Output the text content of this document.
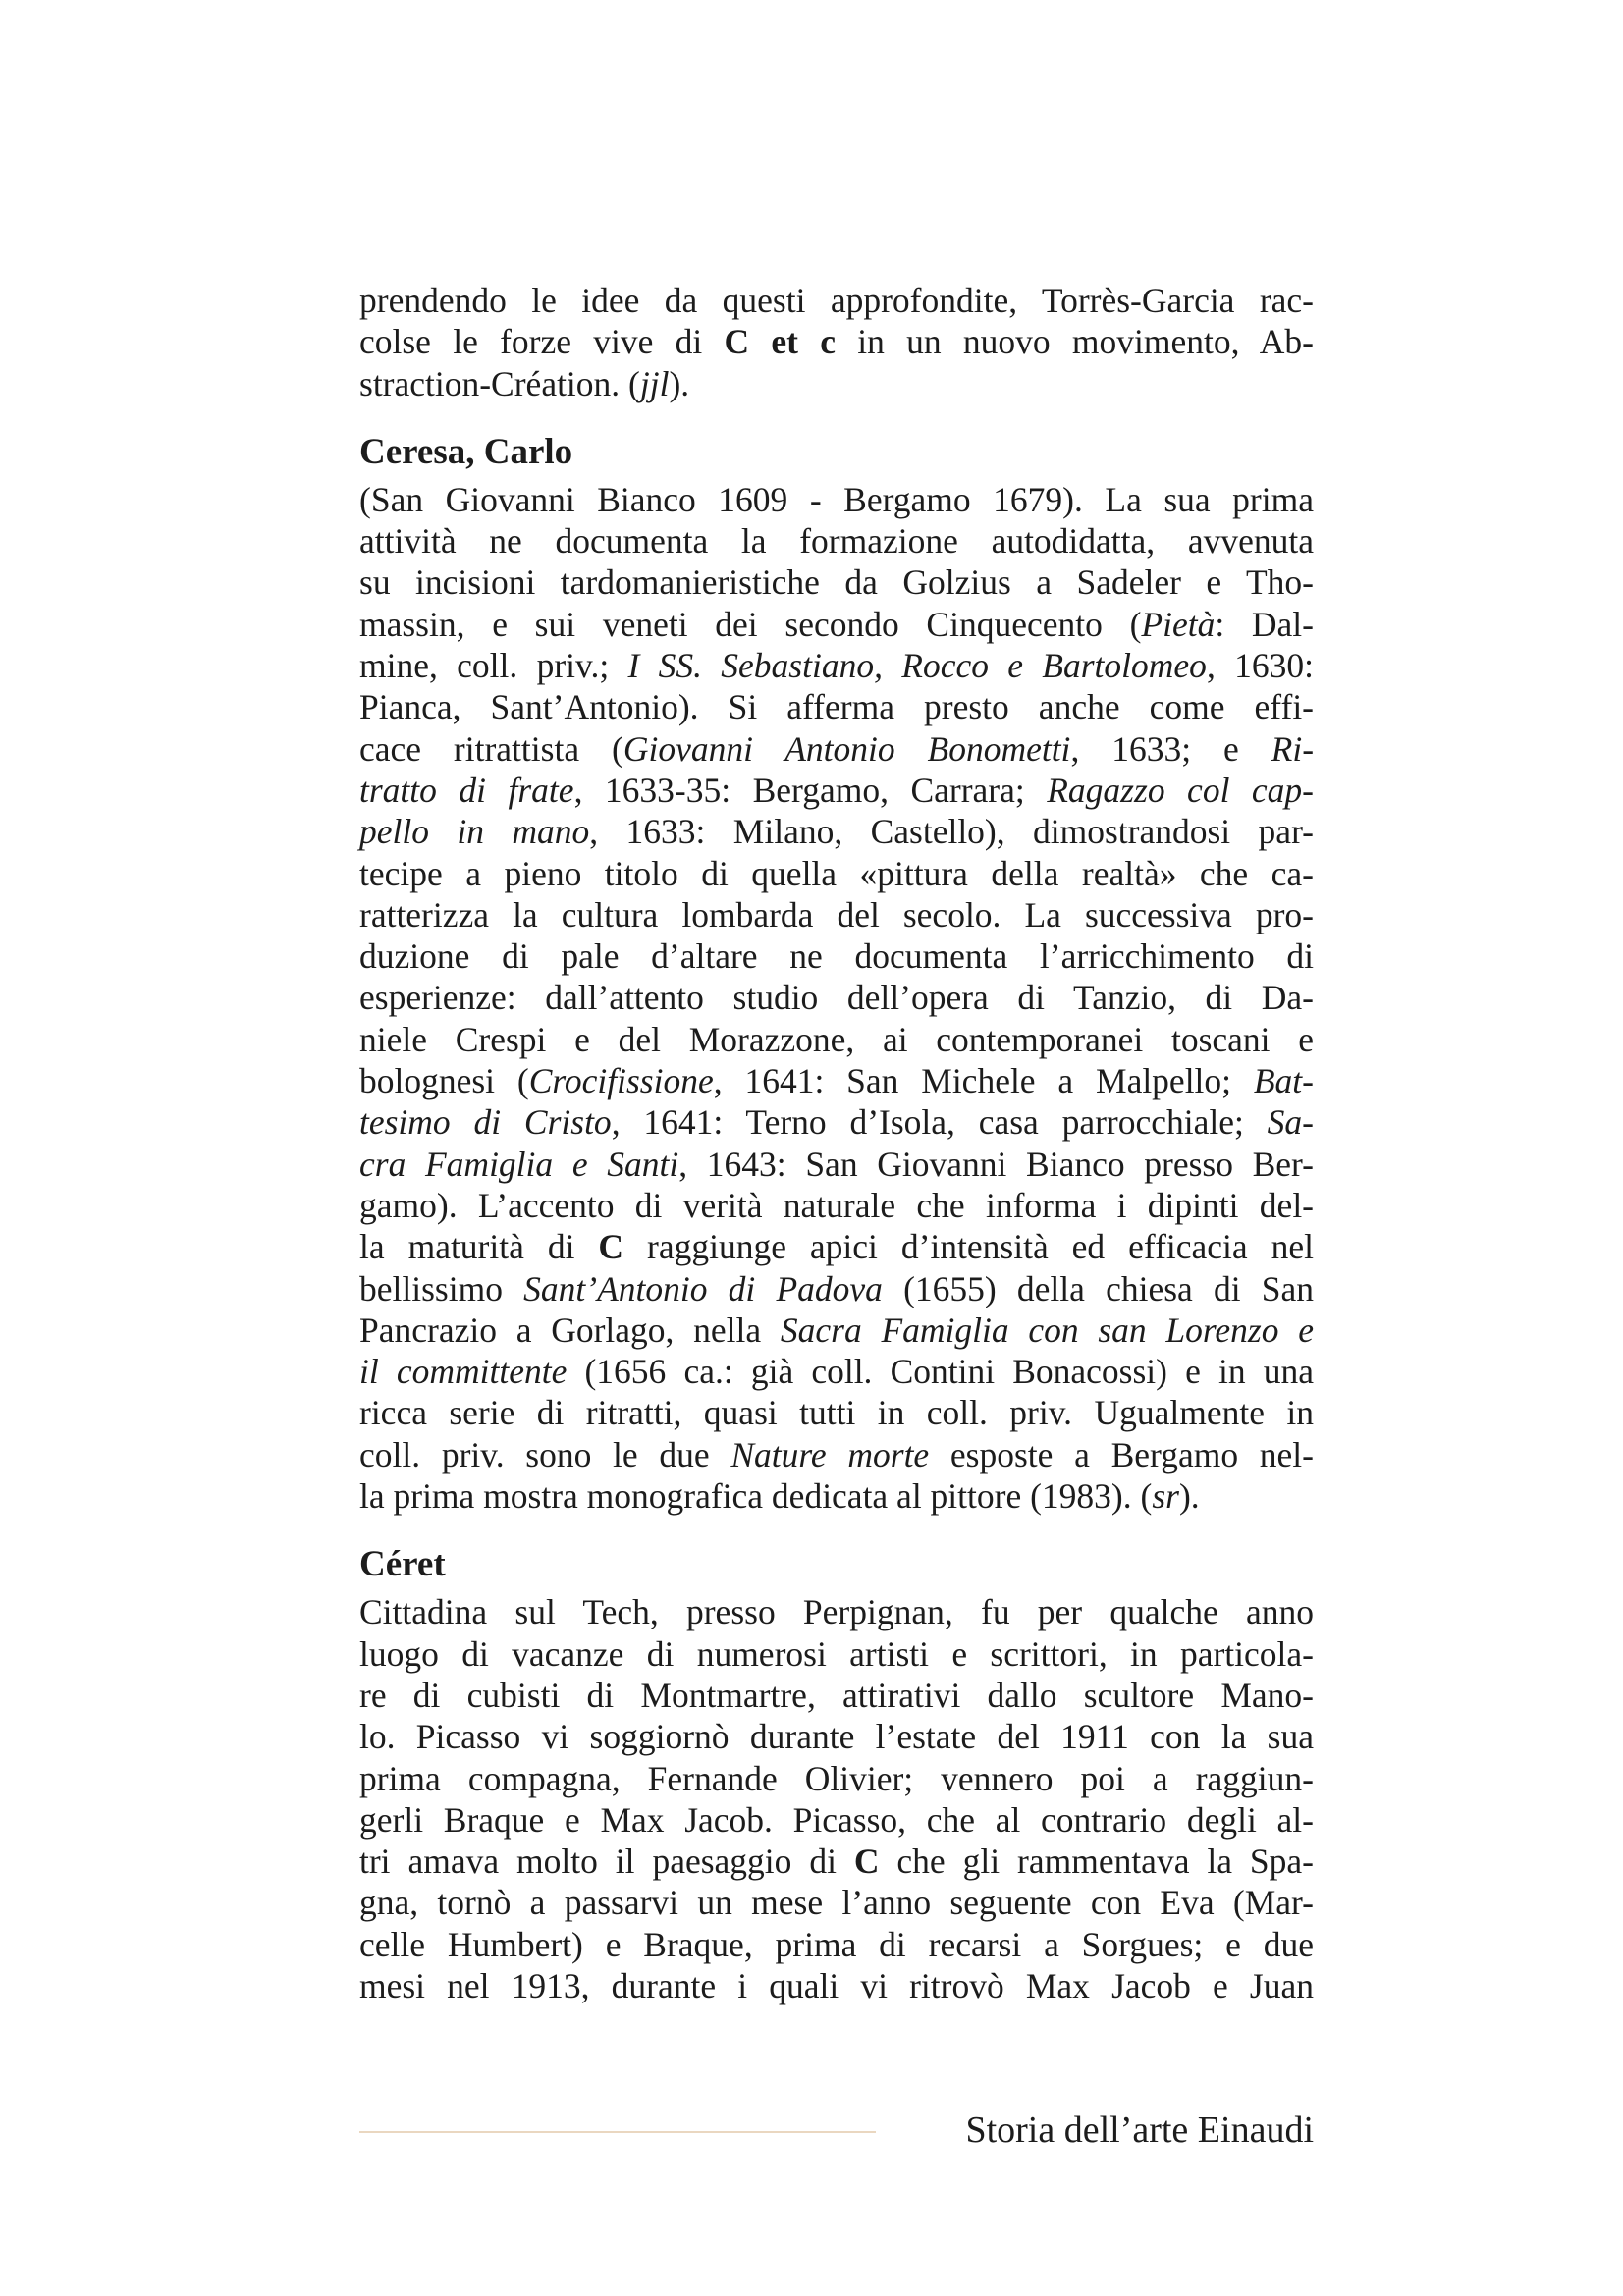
prendendo le idee da questi approfondite, Torrès-Garcia rac-
colse le forze vive di C et c in un nuovo movimento, Ab-
straction-Création. (jjl).
Ceresa, Carlo
(San Giovanni Bianco 1609 - Bergamo 1679). La sua prima
attività ne documenta la formazione autodidatta, avvenuta
su incisioni tardomanieristiche da Golzius a Sadeler e Tho-
massin, e sui veneti dei secondo Cinquecento (Pietà: Dal-
mine, coll. priv.; I SS. Sebastiano, Rocco e Bartolomeo, 1630:
Pianca, Sant’Antonio). Si afferma presto anche come effi-
cace ritrattista (Giovanni Antonio Bonometti, 1633; e Ri-
tratto di frate, 1633-35: Bergamo, Carrara; Ragazzo col cap-
pello in mano, 1633: Milano, Castello), dimostrandosi par-
tecipe a pieno titolo di quella «pittura della realtà» che ca-
ratterizza la cultura lombarda del secolo. La successiva pro-
duzione di pale d’altare ne documenta l’arricchimento di
esperienze: dall’attento studio dell’opera di Tanzio, di Da-
niele Crespi e del Morazzone, ai contemporanei toscani e
bolognesi (Crocifissione, 1641: San Michele a Malpello; Bat-
tesimo di Cristo, 1641: Terno d’Isola, casa parrocchiale; Sa-
cra Famiglia e Santi, 1643: San Giovanni Bianco presso Ber-
gamo). L’accento di verità naturale che informa i dipinti del-
la maturità di C raggiunge apici d’intensità ed efficacia nel
bellissimo Sant’Antonio di Padova (1655) della chiesa di San
Pancrazio a Gorlago, nella Sacra Famiglia con san Lorenzo e
il committente (1656 ca.: già coll. Contini Bonacossi) e in una
ricca serie di ritratti, quasi tutti in coll. priv. Ugualmente in
coll. priv. sono le due Nature morte esposte a Bergamo nel-
la prima mostra monografica dedicata al pittore (1983). (sr).
Céret
Cittadina sul Tech, presso Perpignan, fu per qualche anno
luogo di vacanze di numerosi artisti e scrittori, in particola-
re di cubisti di Montmartre, attirativi dallo scultore Mano-
lo. Picasso vi soggiornò durante l’estate del 1911 con la sua
prima compagna, Fernande Olivier; vennero poi a raggiun-
gerli Braque e Max Jacob. Picasso, che al contrario degli al-
tri amava molto il paesaggio di C che gli rammentava la Spa-
gna, tornò a passarvi un mese l’anno seguente con Eva (Mar-
celle Humbert) e Braque, prima di recarsi a Sorgues; e due
mesi nel 1913, durante i quali vi ritrovò Max Jacob e Juan
Storia dell’arte Einaudi
